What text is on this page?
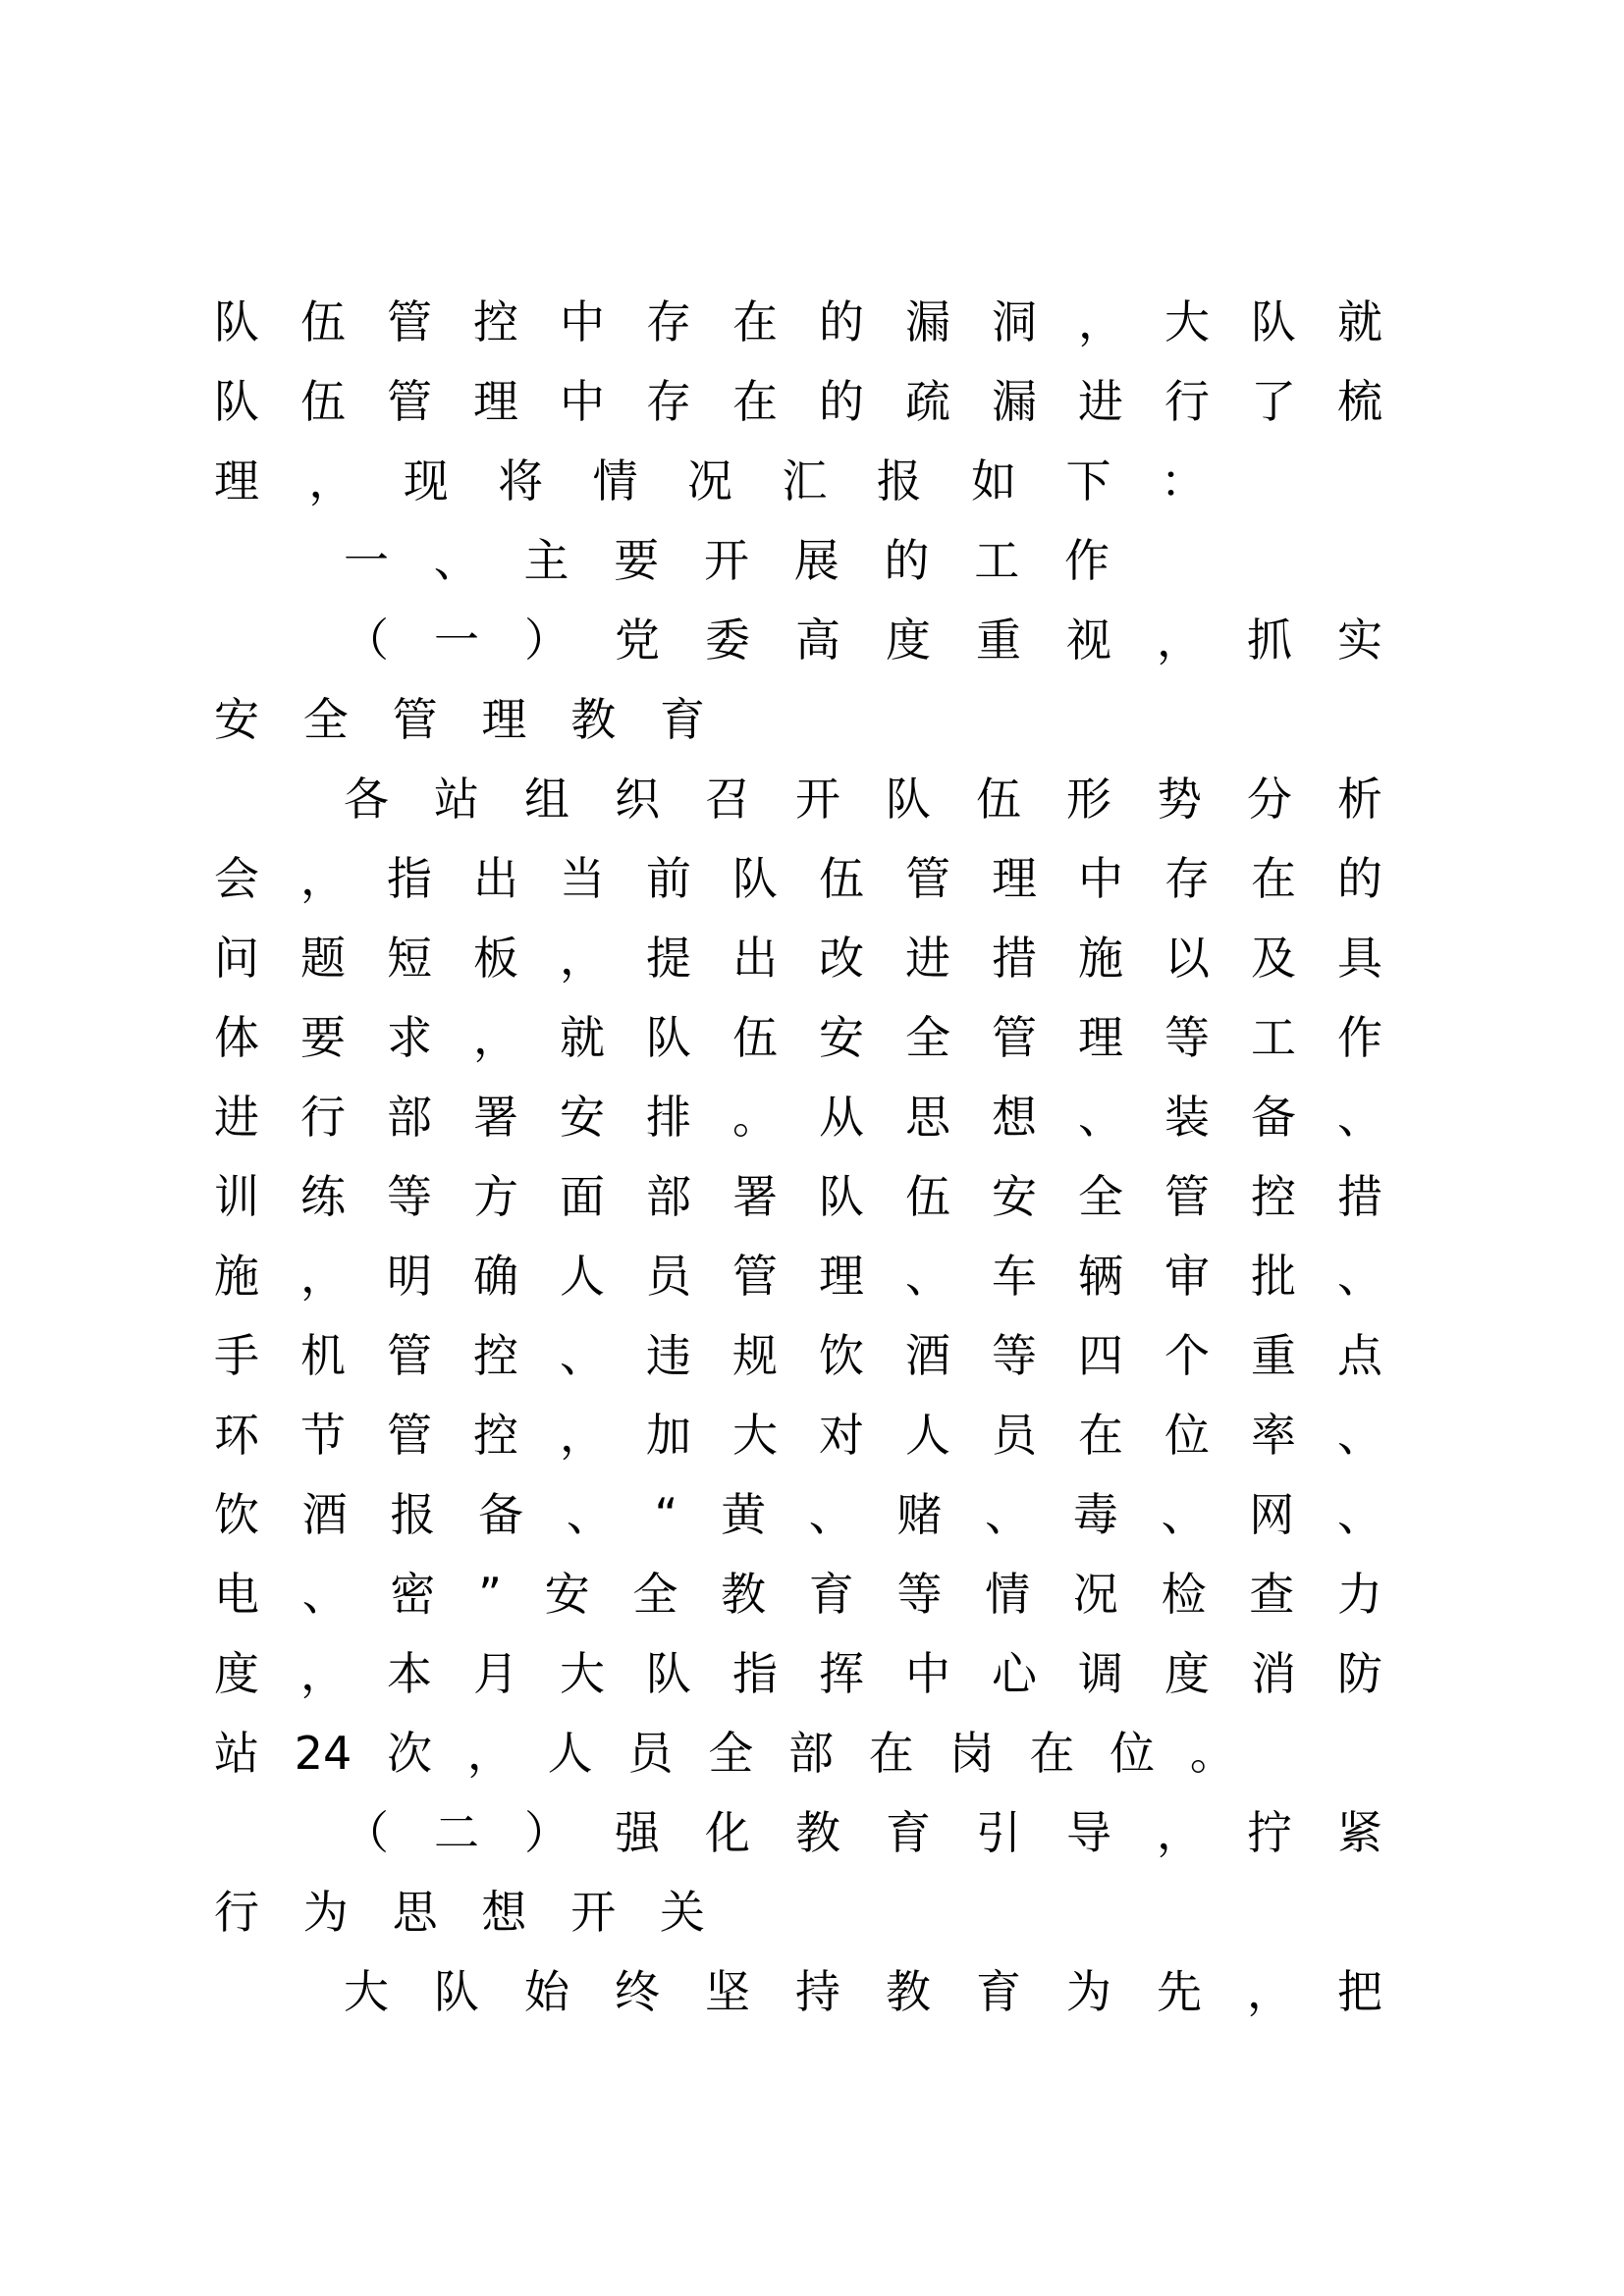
队 伍 管 控 中 存 在 的 漏 洞 ， 大 队 就
队 伍 管 理 中 存 在 的 疏 漏 进 行 了 梳
理 ， 现 将 情 况 汇 报 如 下 ：
一 、 主 要 开 展 的 工 作
（ 一 ） 党 委 高 度 重 视 ， 抓 实
安 全 管 理 教 育
各 站 组 织 召 开 队 伍 形 势 分 析
会 ， 指 出 当 前 队 伍 管 理 中 存 在 的
问 题 短 板 ， 提 出 改 进 措 施 以 及 具
体 要 求 ， 就 队 伍 安 全 管 理 等 工 作
进 行 部 署 安 排 。 从 思 想 、 装 备 、
训 练 等 方 面 部 署 队 伍 安 全 管 控 措
施 ， 明 确 人 员 管 理 、 车 辆 审 批 、
手 机 管 控 、 违 规 饮 酒 等 四 个 重 点
环 节 管 控 ， 加 大 对 人 员 在 位 率 、
饮 酒 报 备 、 “ 黄 、 赌 、 毒 、 网 、
电 、 密 ” 安 全 教 育 等 情 况 检 查 力
度 ， 本 月 大 队 指 挥 中 心 调 度 消 防
站 24 次 ， 人 员 全 部 在 岗 在 位 。
（ 二 ） 强 化 教 育 引 导 ， 拧 紧
行 为 思 想 开 关
大 队 始 终 坚 持 教 育 为 先 ， 把
